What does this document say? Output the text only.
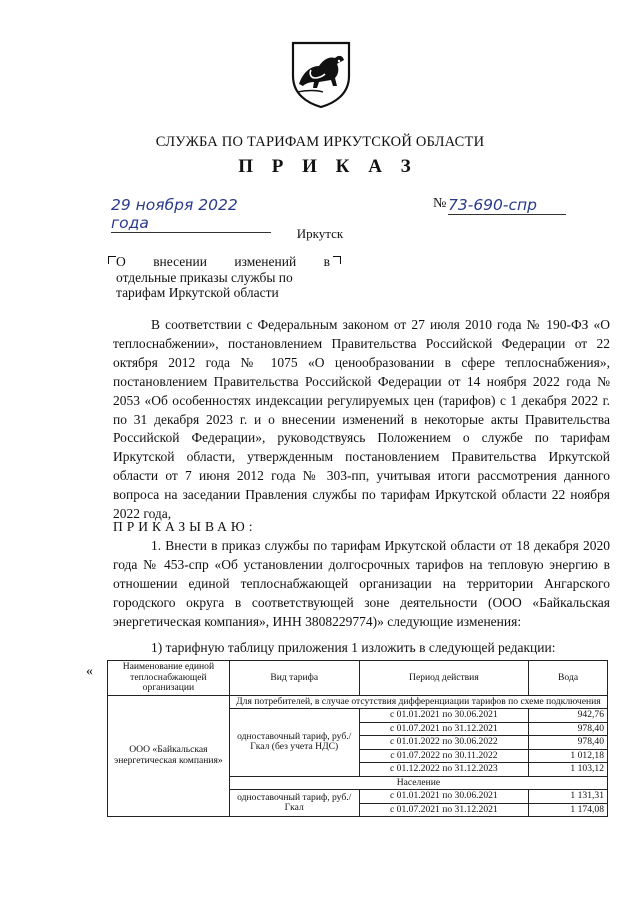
СЛУЖБА ПО ТАРИФАМ ИРКУТСКОЙ ОБЛАСТИ
П Р И К А З
29 ноября 2022 года
№ 73-690-спр
Иркутск
О внесении изменений в
отдельные приказы службы по
тарифам Иркутской области
В соответствии с Федеральным законом от 27 июля 2010 года № 190-ФЗ «О теплоснабжении», постановлением Правительства Российской Федерации от 22 октября 2012 года № 1075 «О ценообразовании в сфере теплоснабжения», постановлением Правительства Российской Федерации от 14 ноября 2022 года № 2053 «Об особенностях индексации регулируемых цен (тарифов) с 1 декабря 2022 г. по 31 декабря 2023 г. и о внесении изменений в некоторые акты Правительства Российской Федерации», руководствуясь Положением о службе по тарифам Иркутской области, утвержденным постановлением Правительства Иркутской области от 7 июня 2012 года № 303-пп, учитывая итоги рассмотрения данного вопроса на заседании Правления службы по тарифам Иркутской области 22 ноября 2022 года,
ПРИКАЗЫВАЮ:
1. Внести в приказ службы по тарифам Иркутской области от 18 декабря 2020 года № 453-спр «Об установлении долгосрочных тарифов на тепловую энергию в отношении единой теплоснабжающей организации на территории Ангарского городского округа в соответствующей зоне деятельности (ООО «Байкальская энергетическая компания», ИНН 3808229774)» следующие изменения:
1) тарифную таблицу приложения 1 изложить в следующей редакции:
«	Наименование единой теплоснабжающей организации	Вид тарифа	Период действия	Вода
ООО «Байкальская энергетическая компания»	Для потребителей, в случае отсутствия дифференциации тарифов по схеме подключения		
	одноставочный тариф, руб./Гкал (без учета НДС)	с 01.01.2021 по 30.06.2021	942,76
		с 01.07.2021 по 31.12.2021	978,40
		с 01.01.2022 по 30.06.2022	978,40
		с 01.07.2022 по 30.11.2022	1 012,18
		с 01.12.2022 по 31.12.2023	1 103,12
	Население		
	одноставочный тариф, руб./Гкал	с 01.01.2021 по 30.06.2021	1 131,31
		с 01.07.2021 по 31.12.2021	1 174,08
